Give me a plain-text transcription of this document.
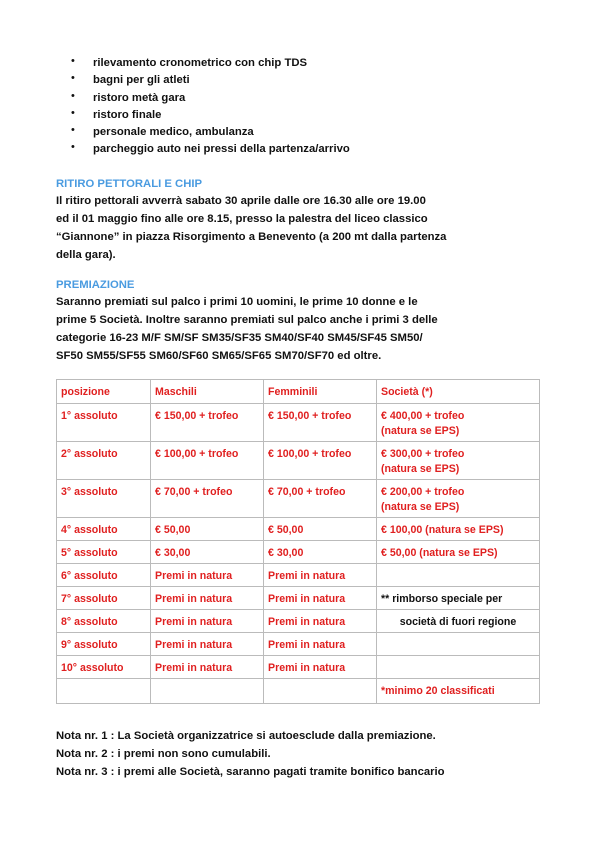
• rilevamento cronometrico con chip TDS
• bagni per gli atleti
• ristoro metà gara
• ristoro finale
• personale medico, ambulanza
• parcheggio auto nei pressi della partenza/arrivo
RITIRO PETTORALI E CHIP
Il ritiro pettorali avverrà sabato 30 aprile dalle ore 16.30 alle ore 19.00
ed il 01 maggio fino alle ore 8.15, presso la palestra del liceo classico
“Giannone” in piazza Risorgimento a Benevento (a 200 mt dalla partenza
della gara).
PREMIAZIONE
Saranno premiati sul palco i primi 10 uomini, le prime 10 donne e le
prime 5 Società. Inoltre saranno premiati sul palco anche i primi 3 delle
categorie 16-23 M/F SM/SF SM35/SF35 SM40/SF40 SM45/SF45 SM50/
SF50 SM55/SF55 SM60/SF60 SM65/SF65 SM70/SF70 ed oltre.
posizione	Maschili	Femminili	Società (*)
1° assoluto	€ 150,00 + trofeo	€ 150,00 + trofeo	€ 400,00 + trofeo
(natura se EPS)

2° assoluto	€ 100,00 + trofeo	€ 100,00 + trofeo	€ 300,00 + trofeo
(natura se EPS)

3° assoluto	€ 70,00 + trofeo	€ 70,00 + trofeo	€ 200,00 + trofeo
(natura se EPS)

4° assoluto	€ 50,00	€ 50,00	€ 100,00 (natura se EPS)
5° assoluto	€ 30,00	€ 30,00	€ 50,00 (natura se EPS)
6° assoluto	Premi in natura	Premi in natura	
7° assoluto	Premi in natura	Premi in natura	** rimborso speciale per
8° assoluto	Premi in natura	Premi in natura	società di fuori regione
9° assoluto	Premi in natura	Premi in natura	
10° assoluto	Premi in natura	Premi in natura	
			*minimo 20 classificati
Nota nr. 1 : La Società organizzatrice si autoesclude dalla premiazione.
Nota nr. 2 : i premi non sono cumulabili.
Nota nr. 3 : i premi alle Società, saranno pagati tramite bonifico bancario
